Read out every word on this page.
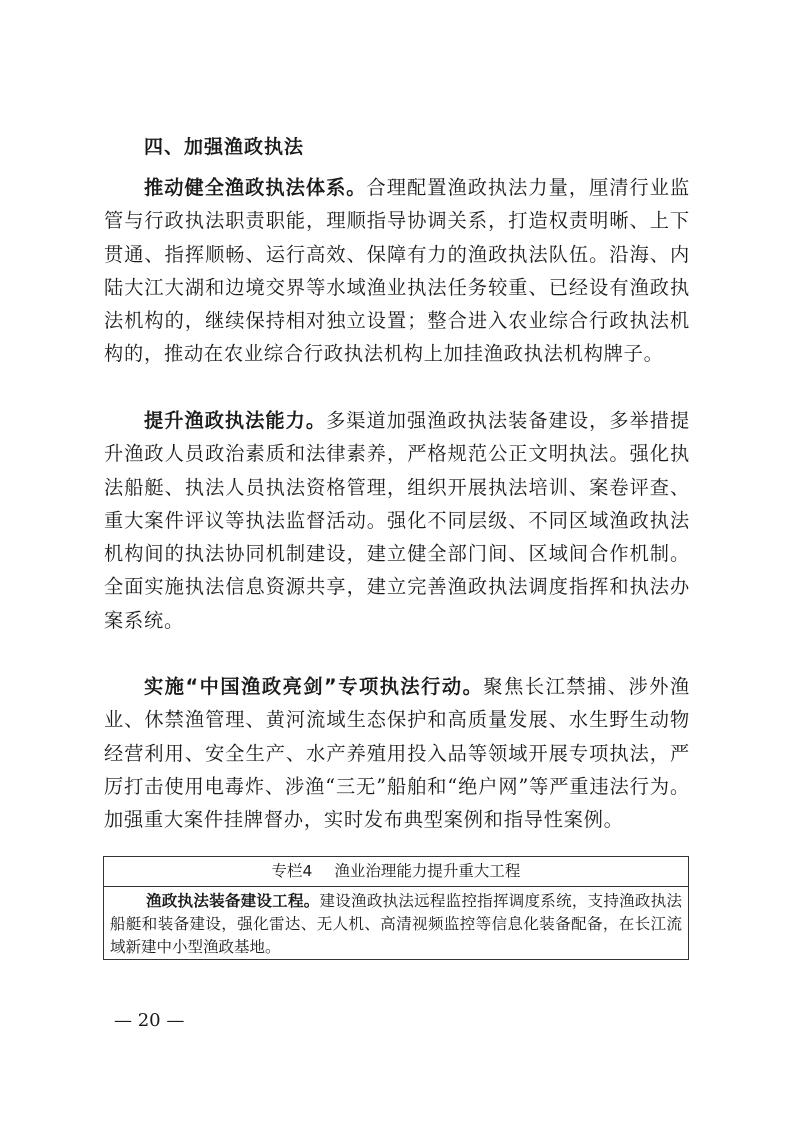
四、加强渔政执法

推动健全渔政执法体系。合理配置渔政执法力量，厘清行业监管与行政执法职责职能，理顺指导协调关系，打造权责明晰、上下贯通、指挥顺畅、运行高效、保障有力的渔政执法队伍。沿海、内陆大江大湖和边境交界等水域渔业执法任务较重、已经设有渔政执法机构的，继续保持相对独立设置；整合进入农业综合行政执法机构的，推动在农业综合行政执法机构上加挂渔政执法机构牌子。

提升渔政执法能力。多渠道加强渔政执法装备建设，多举措提升渔政人员政治素质和法律素养，严格规范公正文明执法。强化执法船艇、执法人员执法资格管理，组织开展执法培训、案卷评查、重大案件评议等执法监督活动。强化不同层级、不同区域渔政执法机构间的执法协同机制建设，建立健全部门间、区域间合作机制。全面实施执法信息资源共享，建立完善渔政执法调度指挥和执法办案系统。

实施“中国渔政亮剑”专项执法行动。聚焦长江禁捕、涉外渔业、休禁渔管理、黄河流域生态保护和高质量发展、水生野生动物经营利用、安全生产、水产养殖用投入品等领域开展专项执法，严厉打击使用电毒炸、涉渔“三无”船舶和“绝户网”等严重违法行为。加强重大案件挂牌督办，实时发布典型案例和指导性案例。

专栏4 渔业治理能力提升重大工程
渔政执法装备建设工程。建设渔政执法远程监控指挥调度系统，支持渔政执法船艇和装备建设，强化雷达、无人机、高清视频监控等信息化装备配备，在长江流域新建中小型渔政基地。
— 20 —
